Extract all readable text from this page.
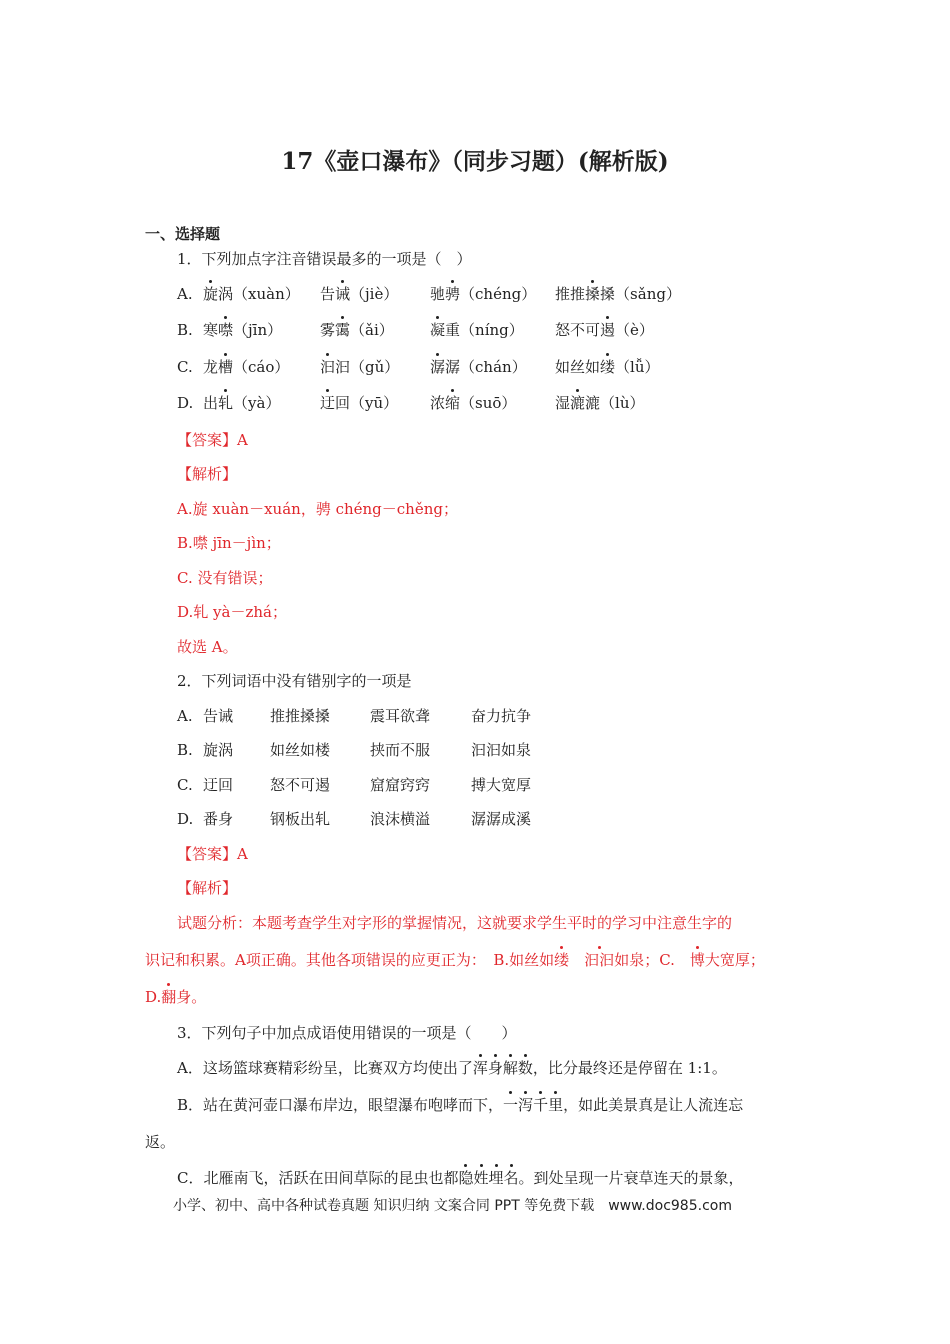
17《壶口瀑布》（同步习题）(解析版)
一、选择题
1．下列加点字注音错误最多的一项是（　）
A. 旋涡（xuàn） 告诫（jiè） 驰骋（chéng） 推推搡搡（sǎng）
B. 寒噤（jīn）	雾霭（ǎi） 凝重（níng） 怒不可遏（è）
C. 龙槽（cáo） 汩汩（gǔ） 潺潺（chán） 如丝如缕（lǚ）
D. 出轧（yà）	迂回（yū） 浓缩（suō）	湿漉漉（lù）
【答案】A
【解析】
A.旋 xuàn－xuán，骋 chéng－chěng；
B.噤 jīn－jìn；
C. 没有错误；
D.轧 yà－zhá；
故选 A。
2．下列词语中没有错别字的一项是
A. 告诫 推推搡搡	震耳欲聋	奋力抗争
B. 旋涡 如丝如楼	挟而不服	汩汩如泉
C. 迂回 怒不可遏	窟窟窍窍	搏大宽厚
D. 番身 钢板出轧	浪沫横溢	潺潺成溪
【答案】A
【解析】
试题分析：本题考查学生对字形的掌握情况，这就要求学生平时的学习中注意生字的
识记和积累。A项正确。其他各项错误的应更正为：　B.如丝如缕　 汩汩如泉；C.　博大宽厚；
D.翻身。
3．下列句子中加点成语使用错误的一项是（　　）
A．这场篮球赛精彩纷呈，比赛双方均使出了浑身解数，比分最终还是停留在 1:1。
B．站在黄河壶口瀑布岸边，眼望瀑布咆哮而下，一泻千里，如此美景真是让人流连忘
返。
C．北雁南飞，活跃在田间草际的昆虫也都隐姓埋名。到处呈现一片衰草连天的景象，
小学、初中、高中各种试卷真题 知识归纳 文案合同 PPT 等免费下载　www.doc985.com
